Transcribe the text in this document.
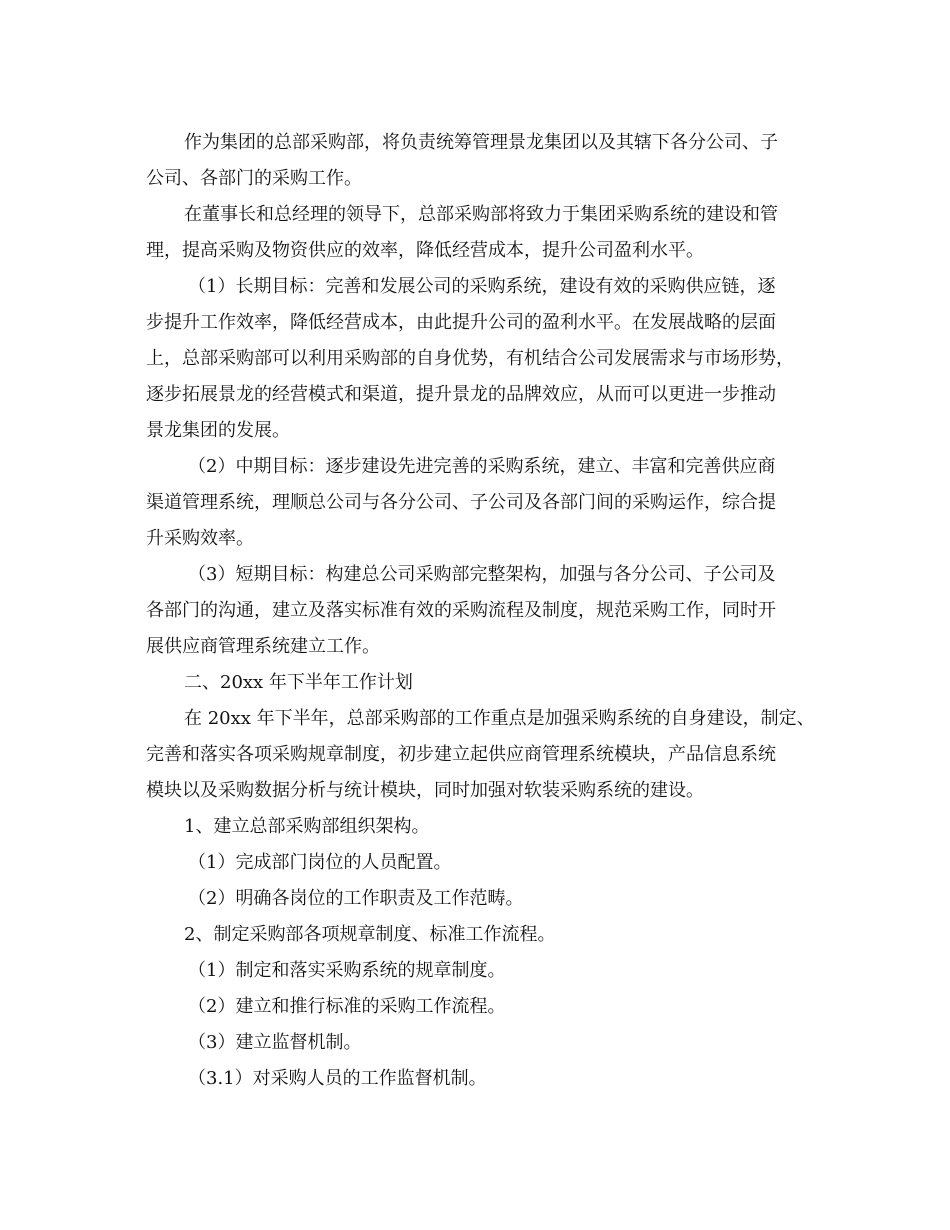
作为集团的总部采购部，将负责统筹管理景龙集团以及其辖下各分公司、子
公司、各部门的采购工作。
在董事长和总经理的领导下，总部采购部将致力于集团采购系统的建设和管
理，提高采购及物资供应的效率，降低经营成本，提升公司盈利水平。
（1）长期目标：完善和发展公司的采购系统，建设有效的采购供应链，逐
步提升工作效率，降低经营成本，由此提升公司的盈利水平。在发展战略的层面
上，总部采购部可以利用采购部的自身优势，有机结合公司发展需求与市场形势，
逐步拓展景龙的经营模式和渠道，提升景龙的品牌效应，从而可以更进一步推动
景龙集团的发展。
（2）中期目标：逐步建设先进完善的采购系统，建立、丰富和完善供应商
渠道管理系统，理顺总公司与各分公司、子公司及各部门间的采购运作，综合提
升采购效率。
（3）短期目标：构建总公司采购部完整架构，加强与各分公司、子公司及
各部门的沟通，建立及落实标准有效的采购流程及制度，规范采购工作，同时开
展供应商管理系统建立工作。
二、20xx 年下半年工作计划
在 20xx 年下半年，总部采购部的工作重点是加强采购系统的自身建设，制定、
完善和落实各项采购规章制度，初步建立起供应商管理系统模块，产品信息系统
模块以及采购数据分析与统计模块，同时加强对软装采购系统的建设。
1、建立总部采购部组织架构。
（1）完成部门岗位的人员配置。
（2）明确各岗位的工作职责及工作范畴。
2、制定采购部各项规章制度、标准工作流程。
（1）制定和落实采购系统的规章制度。
（2）建立和推行标准的采购工作流程。
（3）建立监督机制。
（3.1）对采购人员的工作监督机制。
